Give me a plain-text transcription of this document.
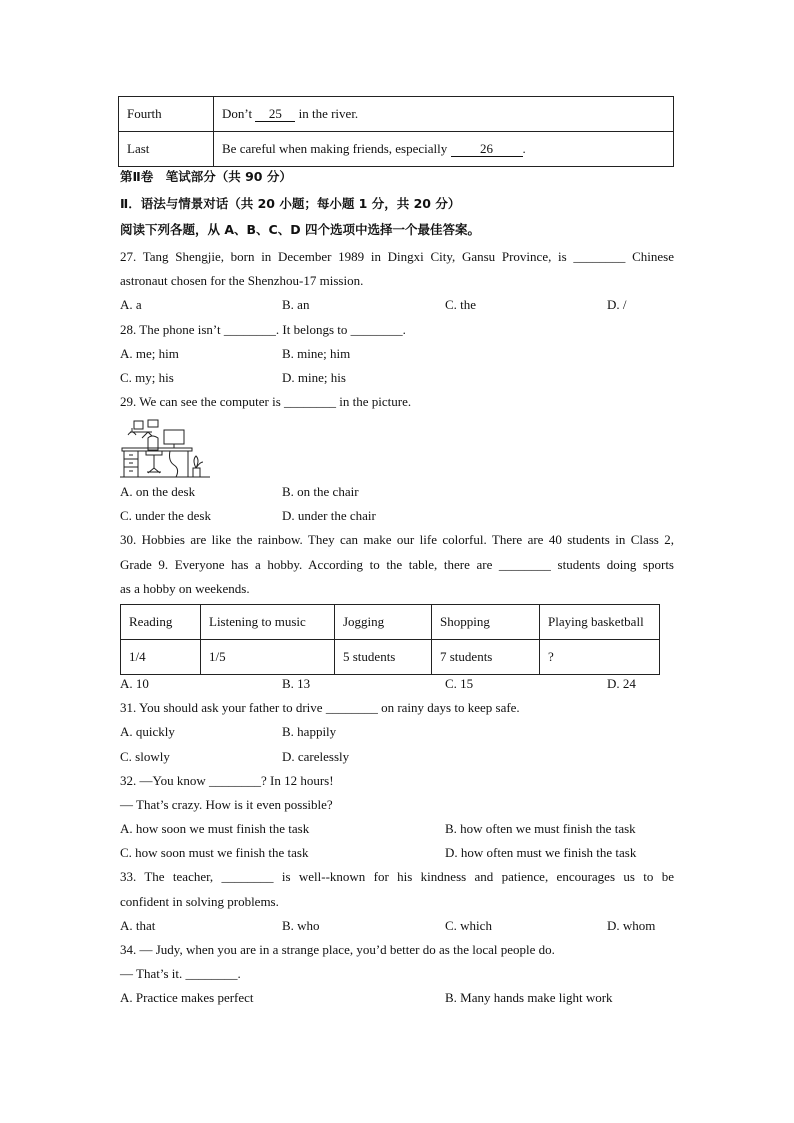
Fourth	Don’t 25 in the river.
Last	Be careful when making friends, especially 26 .
第Ⅱ卷　笔试部分（共 90 分）
Ⅱ．语法与情景对话（共 20 小题；每小题 1 分，共 20 分）
阅读下列各题，从 A、B、C、D 四个选项中选择一个最佳答案。
27. Tang Shengjie, born in December 1989 in Dingxi City, Gansu Province, is ________ Chinese
astronaut chosen for the Shenzhou-17 mission.
A. a	B. an	C. the	D. /
28. The phone isn’t ________. It belongs to ________.
A. me; him	B. mine; him
C. my; his	D. mine; his
29. We can see the computer is ________ in the picture.
A. on the desk	B. on the chair
C. under the desk	D. under the chair
30. Hobbies are like the rainbow. They can make our life colorful. There are 40 students in Class 2,
Grade 9. Everyone has a hobby. According to the table, there are ________ students doing sports
as a hobby on weekends.
Reading	Listening to music	Jogging	Shopping	Playing basketball
1/4	1/5	5 students	7 students	?
A. 10	B. 13	C. 15	D. 24
31. You should ask your father to drive ________ on rainy days to keep safe.
A. quickly	B. happily
C. slowly	D. carelessly
32. —You know ________? In 12 hours!
— That’s crazy. How is it even possible?
A. how soon we must finish the task	B. how often we must finish the task
C. how soon must we finish the task	D. how often must we finish the task
33. The teacher, ________ is well--known for his kindness and patience, encourages us to be
confident in solving problems.
A. that	B. who	C. which	D. whom
34. — Judy, when you are in a strange place, you’d better do as the local people do.
— That’s it. ________.
A. Practice makes perfect	B. Many hands make light work
